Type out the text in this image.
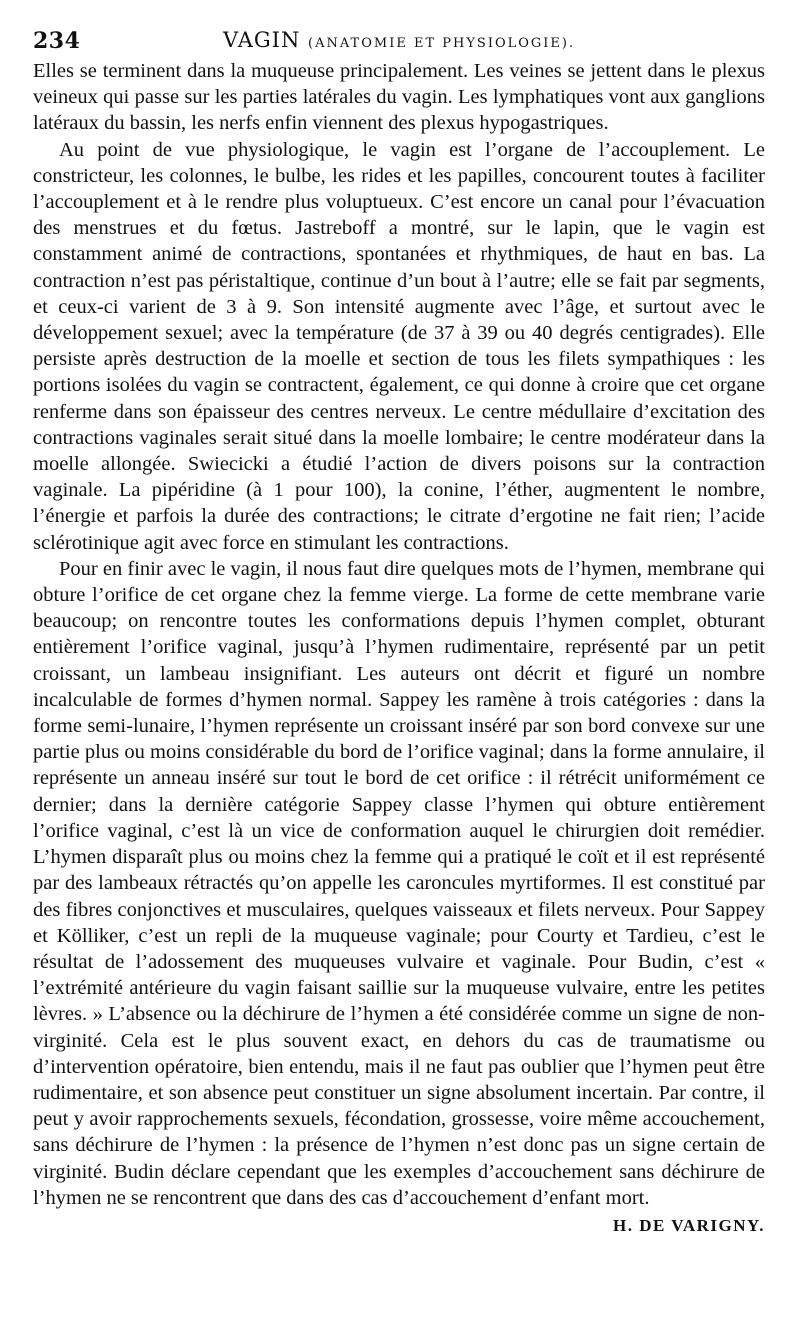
234	VAGIN (ANATOMIE ET PHYSIOLOGIE).

Elles se terminent dans la muqueuse principalement. Les veines se jettent dans le plexus veineux qui passe sur les parties latérales du vagin. Les lymphatiques vont aux ganglions latéraux du bassin, les nerfs enfin viennent des plexus hypogastriques.

Au point de vue physiologique, le vagin est l’organe de l’accouplement. Le constricteur, les colonnes, le bulbe, les rides et les papilles, concourent toutes à faciliter l’accouplement et à le rendre plus voluptueux. C’est encore un canal pour l’évacuation des menstrues et du fœtus. Jastreboff a montré, sur le lapin, que le vagin est constamment animé de contractions, spontanées et rhythmiques, de haut en bas. La contraction n’est pas péristaltique, continue d’un bout à l’autre; elle se fait par segments, et ceux-ci varient de 3 à 9. Son intensité augmente avec l’âge, et surtout avec le développement sexuel; avec la température (de 37 à 39 ou 40 degrés centigrades). Elle persiste après destruction de la moelle et section de tous les filets sympathiques : les portions isolées du vagin se contractent, également, ce qui donne à croire que cet organe renferme dans son épaisseur des centres nerveux. Le centre médullaire d’excitation des contractions vaginales serait situé dans la moelle lombaire; le centre modérateur dans la moelle allongée. Swiecicki a étudié l’action de divers poisons sur la contraction vaginale. La pipéridine (à 1 pour 100), la conine, l’éther, augmentent le nombre, l’énergie et parfois la durée des contractions; le citrate d’ergotine ne fait rien; l’acide sclérotinique agit avec force en stimulant les contractions.

Pour en finir avec le vagin, il nous faut dire quelques mots de l’hymen, membrane qui obture l’orifice de cet organe chez la femme vierge. La forme de cette membrane varie beaucoup; on rencontre toutes les conformations depuis l’hymen complet, obturant entièrement l’orifice vaginal, jusqu’à l’hymen rudimentaire, représenté par un petit croissant, un lambeau insignifiant. Les auteurs ont décrit et figuré un nombre incalculable de formes d’hymen normal. Sappey les ramène à trois catégories : dans la forme semi-lunaire, l’hymen représente un croissant inséré par son bord convexe sur une partie plus ou moins considérable du bord de l’orifice vaginal; dans la forme annulaire, il représente un anneau inséré sur tout le bord de cet orifice : il rétrécit uniformément ce dernier; dans la dernière catégorie Sappey classe l’hymen qui obture entièrement l’orifice vaginal, c’est là un vice de conformation auquel le chirurgien doit remédier. L’hymen disparaît plus ou moins chez la femme qui a pratiqué le coït et il est représenté par des lambeaux rétractés qu’on appelle les caroncules myrtiformes. Il est constitué par des fibres conjonctives et musculaires, quelques vaisseaux et filets nerveux. Pour Sappey et Kölliker, c’est un repli de la muqueuse vaginale; pour Courty et Tardieu, c’est le résultat de l’adossement des muqueuses vulvaire et vaginale. Pour Budin, c’est « l’extrémité antérieure du vagin faisant saillie sur la muqueuse vulvaire, entre les petites lèvres. » L’absence ou la déchirure de l’hymen a été considérée comme un signe de non-virginité. Cela est le plus souvent exact, en dehors du cas de traumatisme ou d’intervention opératoire, bien entendu, mais il ne faut pas oublier que l’hymen peut être rudimentaire, et son absence peut constituer un signe absolument incertain. Par contre, il peut y avoir rapprochements sexuels, fécondation, grossesse, voire même accouchement, sans déchirure de l’hymen : la présence de l’hymen n’est donc pas un signe certain de virginité. Budin déclare cependant que les exemples d’accouchement sans déchirure de l’hymen ne se rencontrent que dans des cas d’accouchement d’enfant mort.
H. DE VARIGNY.
